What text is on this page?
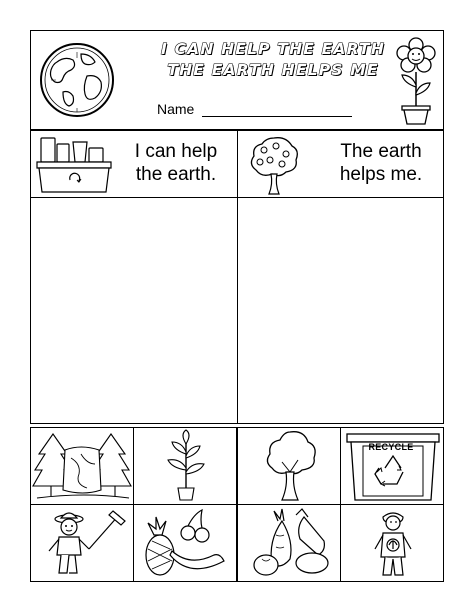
I CAN HELP THE EARTH
THE EARTH HELPS ME
Name
I can help
the earth.
The earth
helps me.
RECYCLE
